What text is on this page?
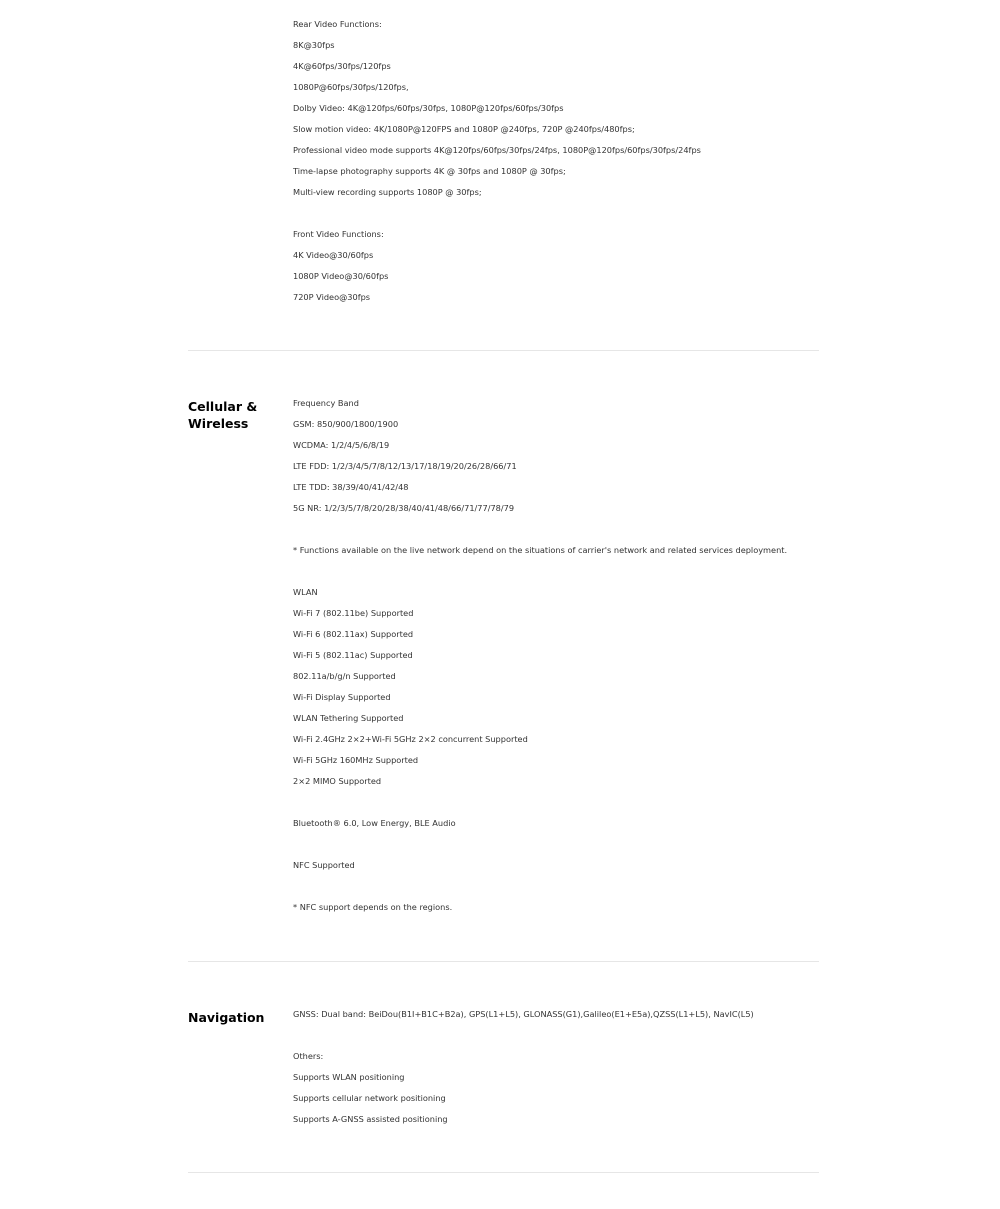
Rear Video Functions:
8K@30fps
4K@60fps/30fps/120fps
1080P@60fps/30fps/120fps,
Dolby Video: 4K@120fps/60fps/30fps, 1080P@120fps/60fps/30fps
Slow motion video: 4K/1080P@120FPS and 1080P @240fps, 720P @240fps/480fps;
Professional video mode supports 4K@120fps/60fps/30fps/24fps, 1080P@120fps/60fps/30fps/24fps
Time-lapse photography supports 4K @ 30fps and 1080P @ 30fps;
Multi-view recording supports 1080P @ 30fps;
Front Video Functions:
4K Video@30/60fps
1080P Video@30/60fps
720P Video@30fps
Cellular & Wireless
Frequency Band
GSM: 850/900/1800/1900
WCDMA: 1/2/4/5/6/8/19
LTE FDD: 1/2/3/4/5/7/8/12/13/17/18/19/20/26/28/66/71
LTE TDD: 38/39/40/41/42/48
5G NR: 1/2/3/5/7/8/20/28/38/40/41/48/66/71/77/78/79
* Functions available on the live network depend on the situations of carrier's network and related services deployment.
WLAN
Wi-Fi 7 (802.11be) Supported
Wi-Fi 6 (802.11ax) Supported
Wi-Fi 5 (802.11ac) Supported
802.11a/b/g/n Supported
Wi-Fi Display Supported
WLAN Tethering Supported
Wi-Fi 2.4GHz 2×2+Wi-Fi 5GHz 2×2 concurrent Supported
Wi-Fi 5GHz 160MHz Supported
2×2 MIMO Supported
Bluetooth® 6.0, Low Energy, BLE Audio
NFC Supported
* NFC support depends on the regions.
Navigation	GNSS: Dual band: BeiDou(B1I+B1C+B2a), GPS(L1+L5), GLONASS(G1),Galileo(E1+E5a),QZSS(L1+L5), NavIC(L5)
Others:
Supports WLAN positioning
Supports cellular network positioning
Supports A-GNSS assisted positioning
